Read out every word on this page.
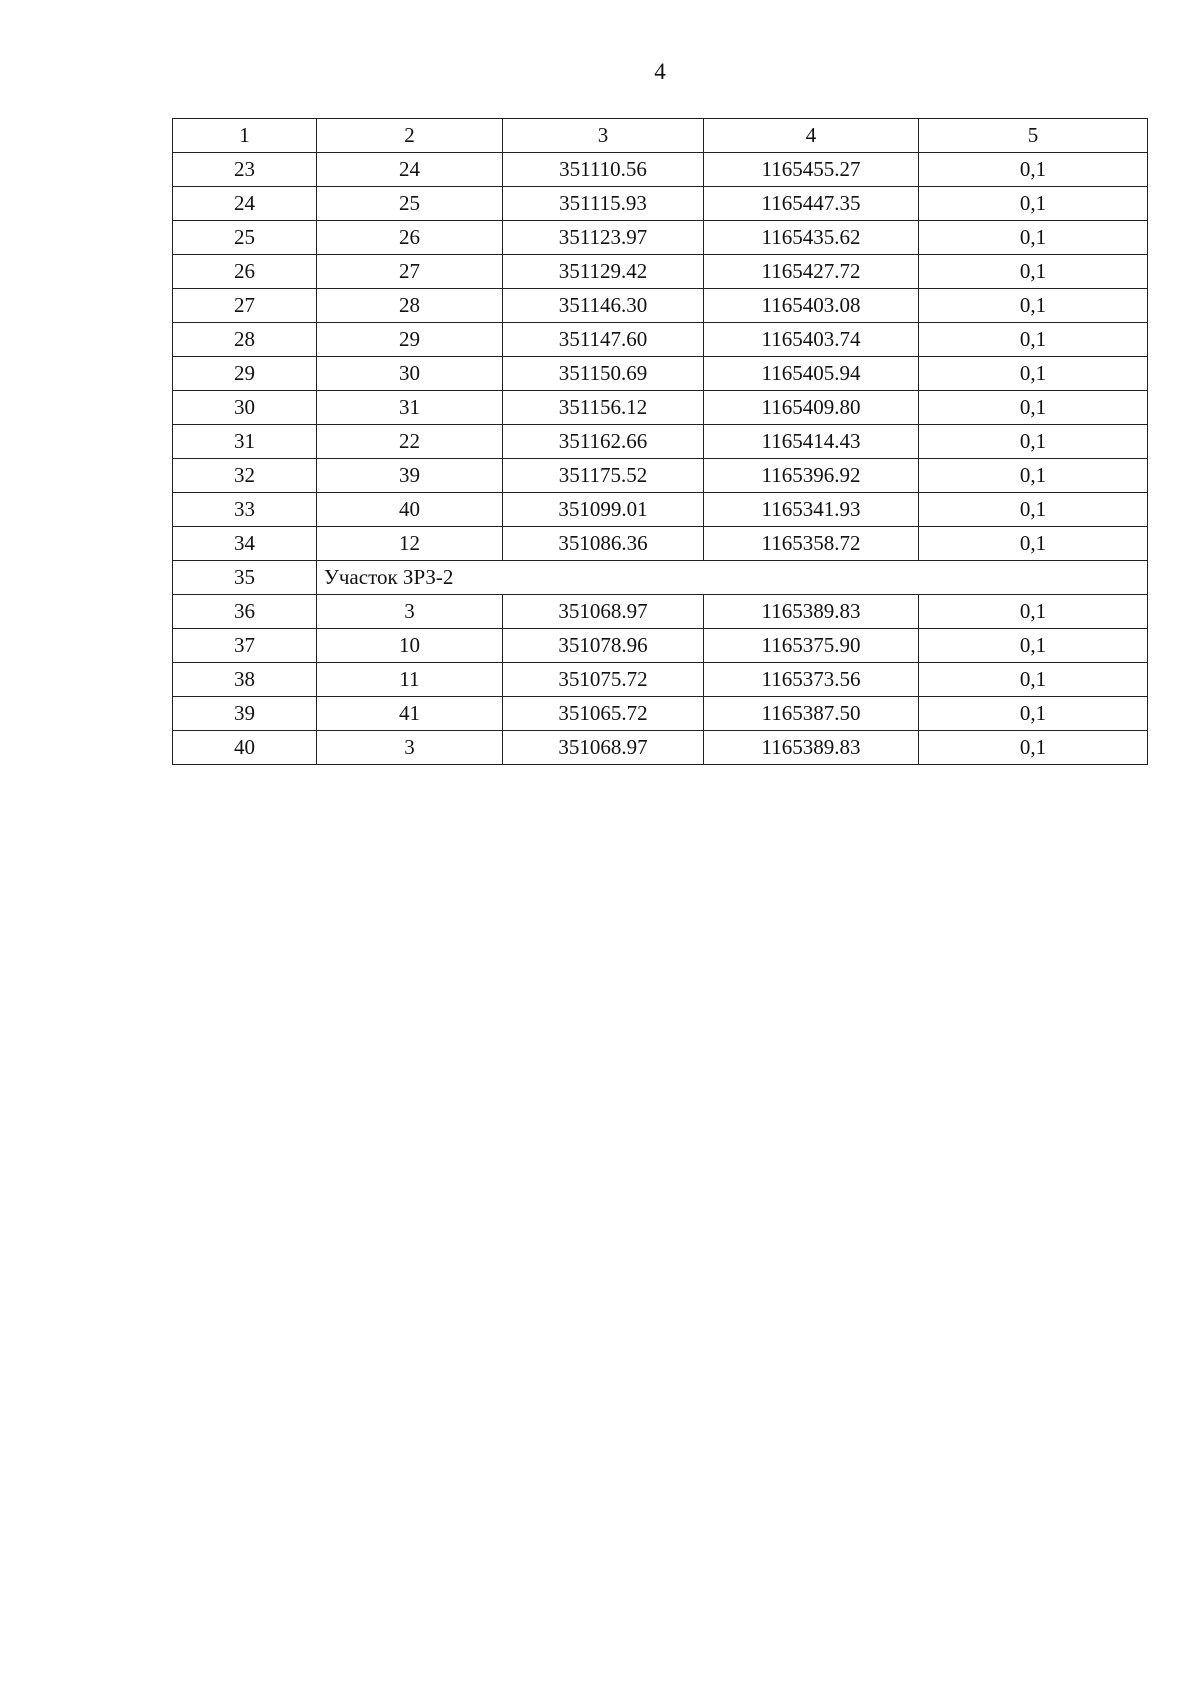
4
1	2	3	4	5
23	24	351110.56	1165455.27	0,1
24	25	351115.93	1165447.35	0,1
25	26	351123.97	1165435.62	0,1
26	27	351129.42	1165427.72	0,1
27	28	351146.30	1165403.08	0,1
28	29	351147.60	1165403.74	0,1
29	30	351150.69	1165405.94	0,1
30	31	351156.12	1165409.80	0,1
31	22	351162.66	1165414.43	0,1
32	39	351175.52	1165396.92	0,1
33	40	351099.01	1165341.93	0,1
34	12	351086.36	1165358.72	0,1
35	Участок ЗРЗ-2			
36	3	351068.97	1165389.83	0,1
37	10	351078.96	1165375.90	0,1
38	11	351075.72	1165373.56	0,1
39	41	351065.72	1165387.50	0,1
40	3	351068.97	1165389.83	0,1
